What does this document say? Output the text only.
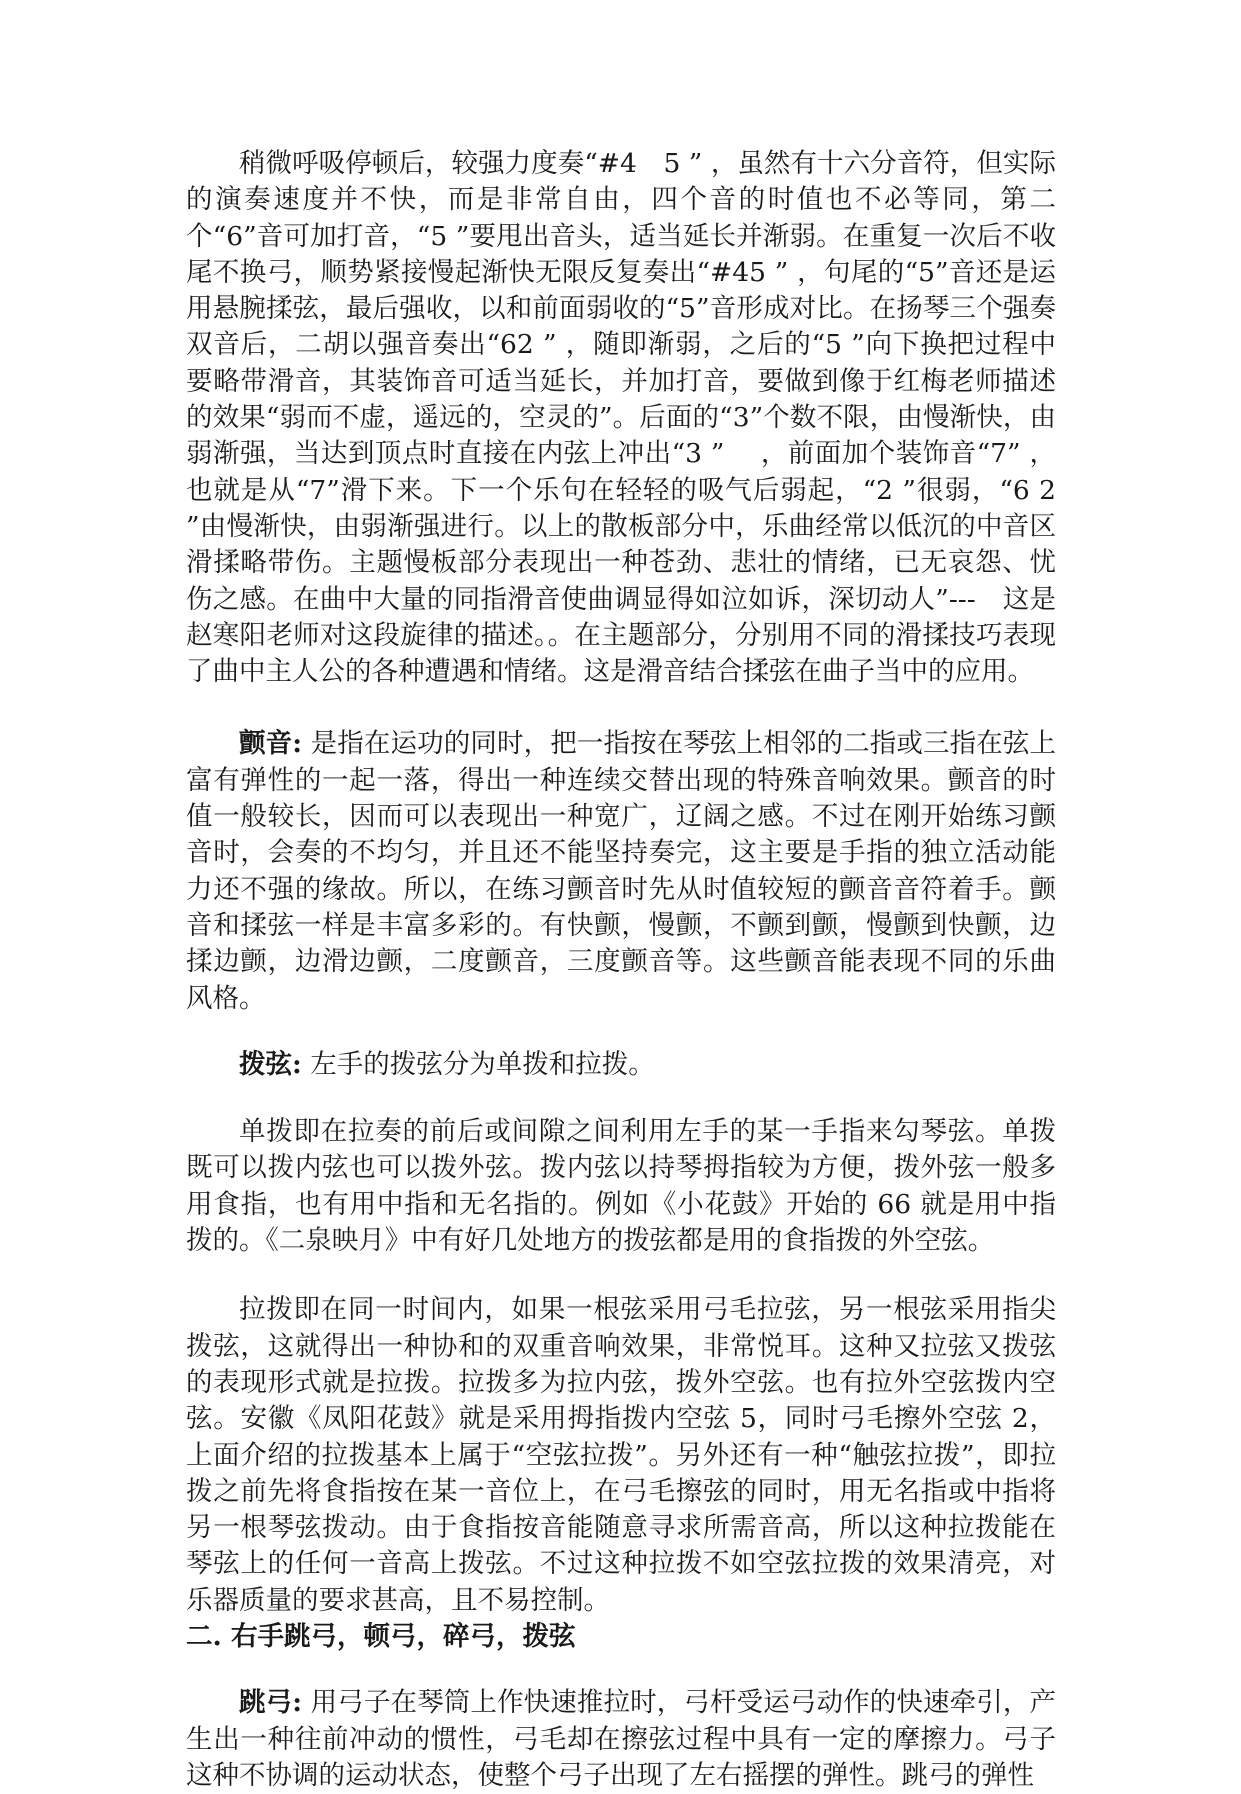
稍微呼吸停顿后，较强力度奏“#4　5 ” ，虽然有十六分音符，但实际的演奏速度并不快，而是非常自由，四个音的时值也不必等同，第二个“6”音可加打音，“5 ”要甩出音头，适当延长并渐弱。在重复一次后不收尾不换弓，顺势紧接慢起渐快无限反复奏出“#45 ” ，句尾的“5”音还是运用悬腕揉弦，最后强收，以和前面弱收的“5”音形成对比。在扬琴三个强奏双音后，二胡以强音奏出“62 ” ，随即渐弱，之后的“5 ”向下换把过程中要略带滑音，其装饰音可适当延长，并加打音，要做到像于红梅老师描述的效果“弱而不虚，遥远的，空灵的”。后面的“3”个数不限，由慢渐快，由弱渐强，当达到顶点时直接在内弦上冲出“3 ”　 ，前面加个装饰音“7” ，也就是从“7”滑下来。下一个乐句在轻轻的吸气后弱起，“2 ”很弱，“6 2 ”由慢渐快，由弱渐强进行。以上的散板部分中，乐曲经常以低沉的中音区滑揉略带伤。主题慢板部分表现出一种苍劲、悲壮的情绪，已无哀怨、忧伤之感。在曲中大量的同指滑音使曲调显得如泣如诉，深切动人”---　这是赵寒阳老师对这段旋律的描述。。在主题部分，分别用不同的滑揉技巧表现了曲中主人公的各种遭遇和情绪。这是滑音结合揉弦在曲子当中的应用。

颤音: 是指在运功的同时，把一指按在琴弦上相邻的二指或三指在弦上富有弹性的一起一落，得出一种连续交替出现的特殊音响效果。颤音的时值一般较长，因而可以表现出一种宽广，辽阔之感。不过在刚开始练习颤音时，会奏的不均匀，并且还不能坚持奏完，这主要是手指的独立活动能力还不强的缘故。所以，在练习颤音时先从时值较短的颤音音符着手。颤音和揉弦一样是丰富多彩的。有快颤，慢颤，不颤到颤，慢颤到快颤，边揉边颤，边滑边颤，二度颤音，三度颤音等。这些颤音能表现不同的乐曲风格。

拨弦: 左手的拨弦分为单拨和拉拨。

单拨即在拉奏的前后或间隙之间利用左手的某一手指来勾琴弦。单拨既可以拨内弦也可以拨外弦。拨内弦以持琴拇指较为方便，拨外弦一般多用食指，也有用中指和无名指的。例如《小花鼓》开始的 66 就是用中指拨的。《二泉映月》中有好几处地方的拨弦都是用的食指拨的外空弦。

拉拨即在同一时间内，如果一根弦采用弓毛拉弦，另一根弦采用指尖拨弦，这就得出一种协和的双重音响效果，非常悦耳。这种又拉弦又拨弦的表现形式就是拉拨。拉拨多为拉内弦，拨外空弦。也有拉外空弦拨内空弦。安徽《凤阳花鼓》就是采用拇指拨内空弦 5，同时弓毛擦外空弦 2，上面介绍的拉拨基本上属于“空弦拉拨”。另外还有一种“触弦拉拨”，即拉拨之前先将食指按在某一音位上，在弓毛擦弦的同时，用无名指或中指将另一根琴弦拨动。由于食指按音能随意寻求所需音高，所以这种拉拨能在琴弦上的任何一音高上拨弦。不过这种拉拨不如空弦拉拨的效果清亮，对乐器质量的要求甚高，且不易控制。

二. 右手跳弓，顿弓，碎弓，拨弦

跳弓: 用弓子在琴筒上作快速推拉时，弓杆受运弓动作的快速牵引，产生出一种往前冲动的惯性，弓毛却在擦弦过程中具有一定的摩擦力。弓子这种不协调的运动状态，使整个弓子出现了左右摇摆的弹性。跳弓的弹性
